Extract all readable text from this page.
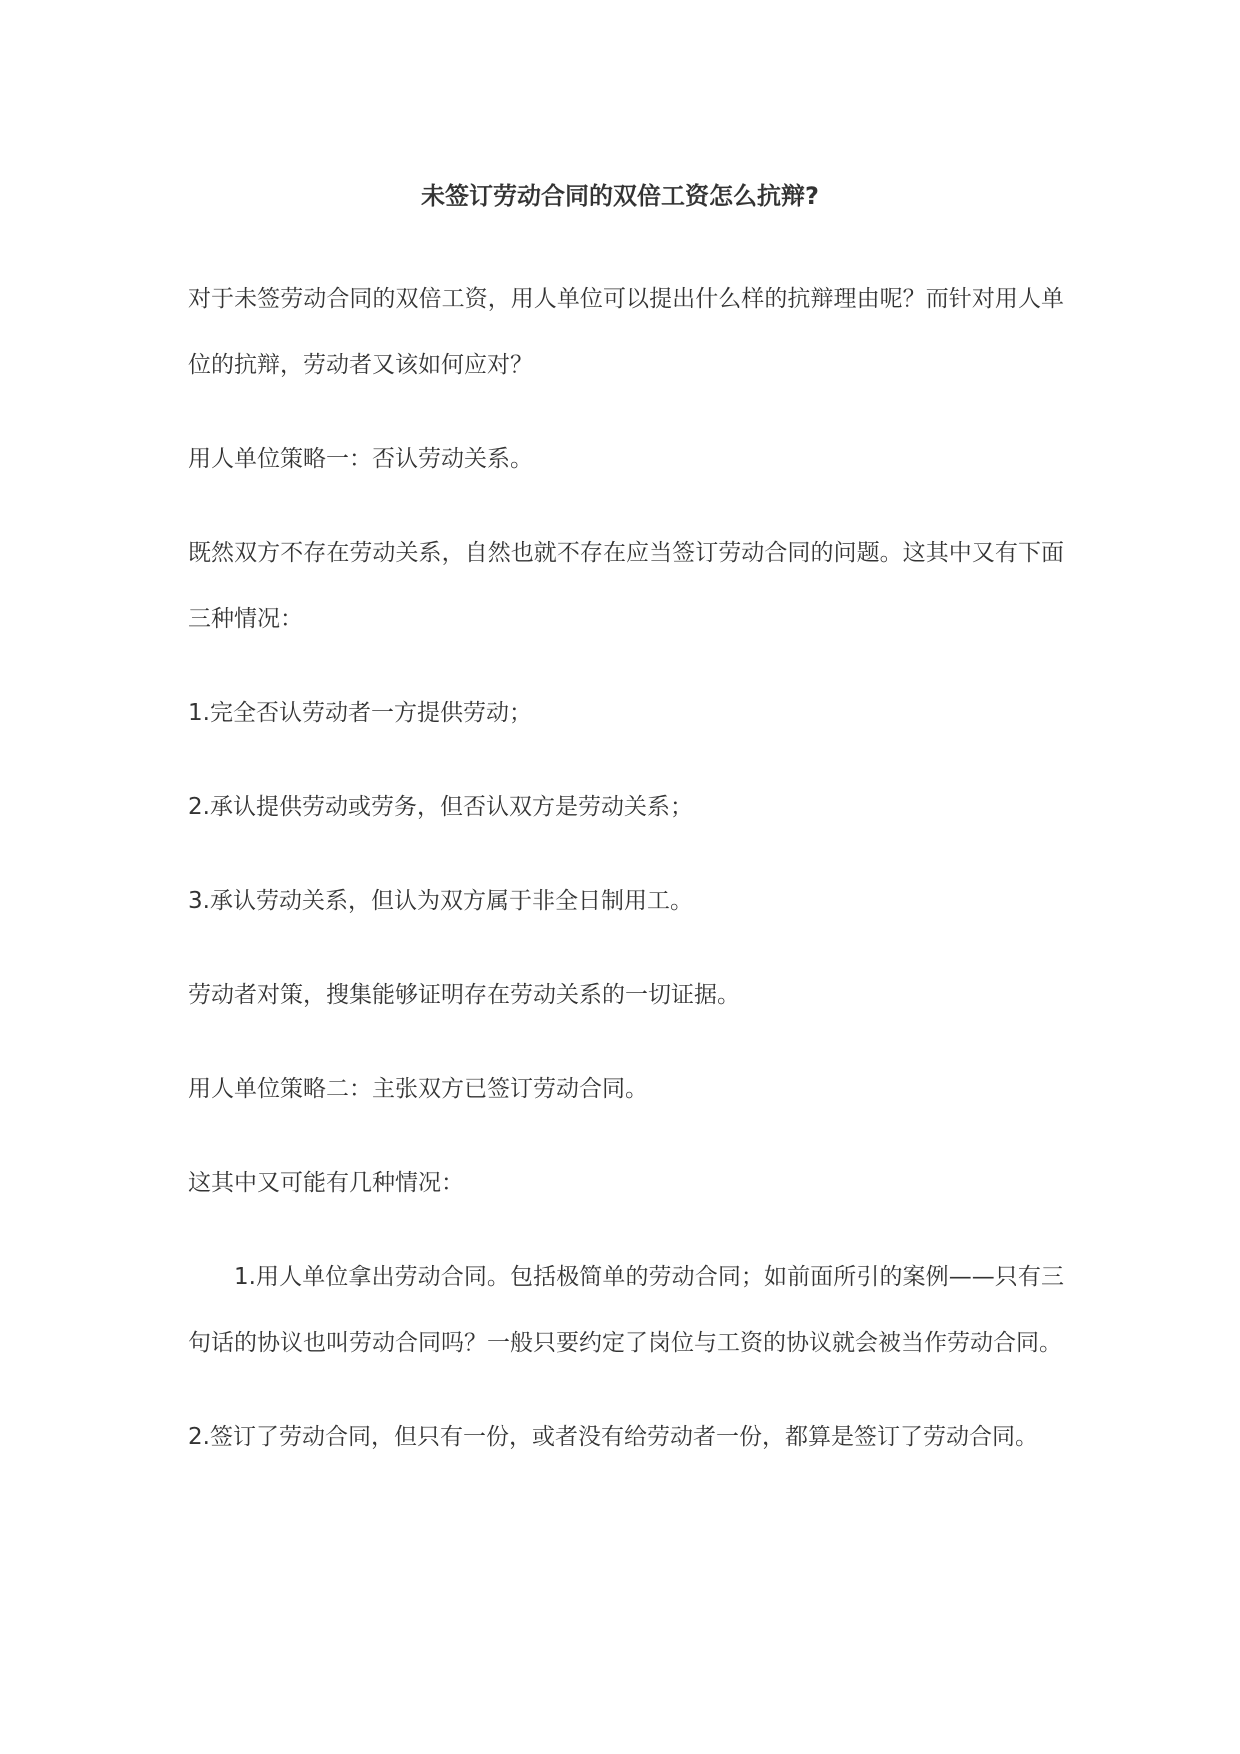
未签订劳动合同的双倍工资怎么抗辩?

对于未签劳动合同的双倍工资，用人单位可以提出什么样的抗辩理由呢？而针对用人单位的抗辩，劳动者又该如何应对？

用人单位策略一：否认劳动关系。

既然双方不存在劳动关系，自然也就不存在应当签订劳动合同的问题。这其中又有下面三种情况：

1.完全否认劳动者一方提供劳动；

2.承认提供劳动或劳务，但否认双方是劳动关系；

3.承认劳动关系，但认为双方属于非全日制用工。

劳动者对策，搜集能够证明存在劳动关系的一切证据。

用人单位策略二：主张双方已签订劳动合同。

这其中又可能有几种情况：

1.用人单位拿出劳动合同。包括极简单的劳动合同；如前面所引的案例——只有三句话的协议也叫劳动合同吗？一般只要约定了岗位与工资的协议就会被当作劳动合同。

2.签订了劳动合同，但只有一份，或者没有给劳动者一份，都算是签订了劳动合同。
